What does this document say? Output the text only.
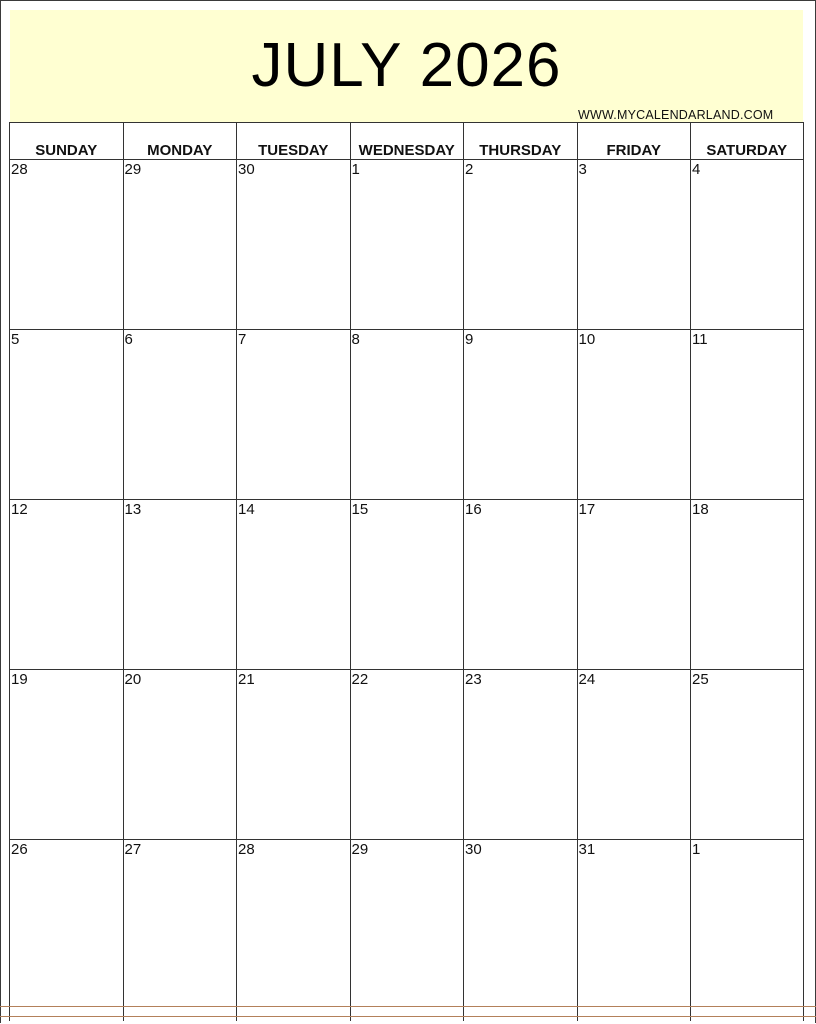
JULY 2026
WWW.MYCALENDARLAND.COM
SUNDAY	MONDAY	TUESDAY	WEDNESDAY	THURSDAY	FRIDAY	SATURDAY
28	29	30	1	2	3	4
5	6	7	8	9	10	11
12	13	14	15	16	17	18
19	20	21	22	23	24	25
26	27	28	29	30	31	1
